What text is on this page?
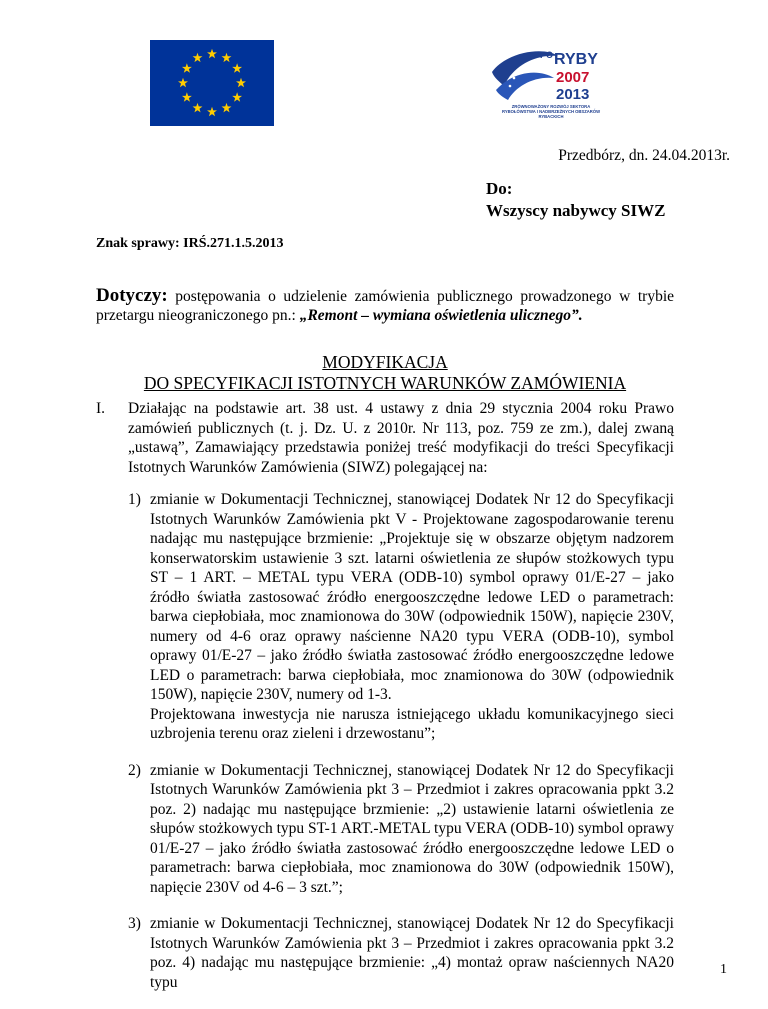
PO RYBY
2007
2013
ZRÓWNOWAŻONY ROZWÓJ SEKTORA RYBOŁÓWSTWA I NADBRZEŻNYCH OBSZARÓW RYBACKICH
Przedbórz, dn. 24.04.2013r.
Do:
Wszyscy nabywcy SIWZ
Znak sprawy: IRŚ.271.1.5.2013
Dotyczy: postępowania o udzielenie zamówienia publicznego prowadzonego w trybie przetargu nieograniczonego pn.: „Remont – wymiana oświetlenia ulicznego”.
MODYFIKACJA
DO SPECYFIKACJI ISTOTNYCH WARUNKÓW ZAMÓWIENIA
I. Działając na podstawie art. 38 ust. 4 ustawy z dnia 29 stycznia 2004 roku Prawo zamówień publicznych (t. j. Dz. U. z 2010r. Nr 113, poz. 759 ze zm.), dalej zwaną „ustawą”, Zamawiający przedstawia poniżej treść modyfikacji do treści Specyfikacji Istotnych Warunków Zamówienia (SIWZ) polegającej na:
1) zmianie w Dokumentacji Technicznej, stanowiącej Dodatek Nr 12 do Specyfikacji Istotnych Warunków Zamówienia pkt V - Projektowane zagospodarowanie terenu nadając mu następujące brzmienie: „Projektuje się w obszarze objętym nadzorem konserwatorskim ustawienie 3 szt. latarni oświetlenia ze słupów stożkowych typu ST – 1 ART. – METAL typu VERA (ODB-10) symbol oprawy 01/E-27 – jako źródło światła zastosować źródło energooszczędne ledowe LED o parametrach: barwa ciepłobiała, moc znamionowa do 30W (odpowiednik 150W), napięcie 230V, numery od 4-6 oraz oprawy naścienne NA20 typu VERA (ODB-10), symbol oprawy 01/E-27 – jako źródło światła zastosować źródło energooszczędne ledowe LED o parametrach: barwa ciepłobiała, moc znamionowa do 30W (odpowiednik 150W), napięcie 230V, numery od 1-3.
Projektowana inwestycja nie narusza istniejącego układu komunikacyjnego sieci uzbrojenia terenu oraz zieleni i drzewostanu”;
2) zmianie w Dokumentacji Technicznej, stanowiącej Dodatek Nr 12 do Specyfikacji Istotnych Warunków Zamówienia pkt 3 – Przedmiot i zakres opracowania ppkt 3.2 poz. 2) nadając mu następujące brzmienie: „2) ustawienie latarni oświetlenia ze słupów stożkowych typu ST-1 ART.-METAL typu VERA (ODB-10) symbol oprawy 01/E-27 – jako źródło światła zastosować źródło energooszczędne ledowe LED o parametrach: barwa ciepłobiała, moc znamionowa do 30W (odpowiednik 150W), napięcie 230V od 4-6 – 3 szt.”;
3) zmianie w Dokumentacji Technicznej, stanowiącej Dodatek Nr 12 do Specyfikacji Istotnych Warunków Zamówienia pkt 3 – Przedmiot i zakres opracowania ppkt 3.2 poz. 4) nadając mu następujące brzmienie: „4) montaż opraw naściennych NA20 typu
1
